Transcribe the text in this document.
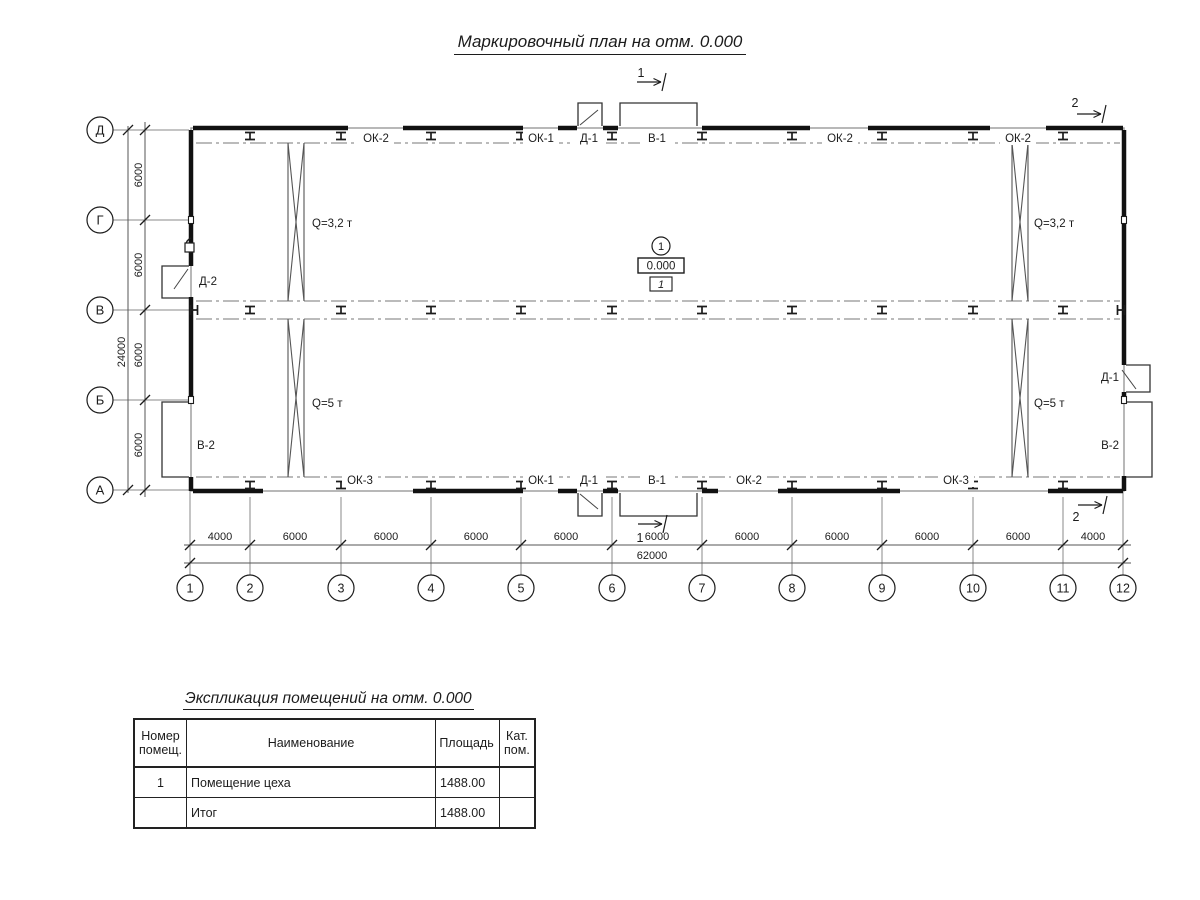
Маркировочный план на отм. 0.000
6000
6000
6000
6000
24000
4000	6000	6000	6000	6000	6000	6000	6000	6000	6000	4000
62000
Д
Г
В
Б
А
1	2	3	4	5	6	7	8	9	10	11	12
Q=3,2 т
Q=5 т
Q=3,2 т
Q=5 т
ОК-2	ОК-1 Д-1	В-1	ОК-2	ОК-2
ОК-3	ОК-1 Д-1	В-1	ОК-2	ОК-3
Д-2
В-2
Д-1
В-2
1
0.000
1
1
1
2
2
Экспликация помещений на отм. 0.000
Номер помещ.	Наименование	Площадь	Кат. пом.
1	Помещение цеха	1488.00	
	Итог	1488.00	
